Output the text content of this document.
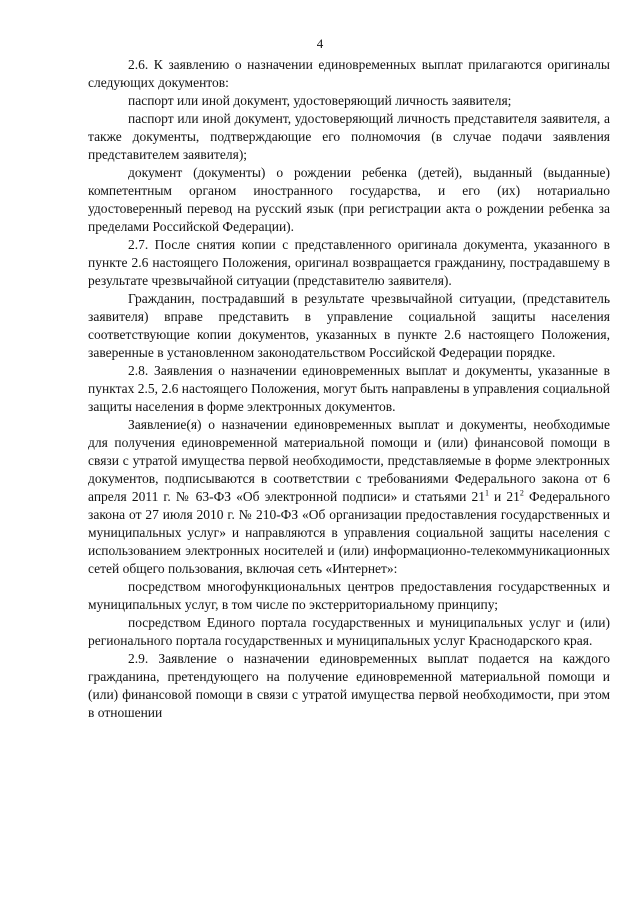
4

2.6. К заявлению о назначении единовременных выплат прилагаются оригиналы следующих документов:

паспорт или иной документ, удостоверяющий личность заявителя;

паспорт или иной документ, удостоверяющий личность представителя заявителя, а также документы, подтверждающие его полномочия (в случае подачи заявления представителем заявителя);

документ (документы) о рождении ребенка (детей), выданный (выданные) компетентным органом иностранного государства, и его (их) нотариально удостоверенный перевод на русский язык (при регистрации акта о рождении ребенка за пределами Российской Федерации).

2.7. После снятия копии с представленного оригинала документа, указанного в пункте 2.6 настоящего Положения, оригинал возвращается гражданину, пострадавшему в результате чрезвычайной ситуации (представителю заявителя).

Гражданин, пострадавший в результате чрезвычайной ситуации, (представитель заявителя) вправе представить в управление социальной защиты населения соответствующие копии документов, указанных в пункте 2.6 настоящего Положения, заверенные в установленном законодательством Российской Федерации порядке.

2.8. Заявления о назначении единовременных выплат и документы, указанные в пунктах 2.5, 2.6 настоящего Положения, могут быть направлены в управления социальной защиты населения в форме электронных документов.

Заявление(я) о назначении единовременных выплат и документы, необходимые для получения единовременной материальной помощи и (или) финансовой помощи в связи с утратой имущества первой необходимости, представляемые в форме электронных документов, подписываются в соответствии с требованиями Федерального закона от 6 апреля 2011 г. № 63-ФЗ «Об электронной подписи» и статьями $21^1$ и $21^2$ Федерального закона от 27 июля 2010 г. № 210-ФЗ «Об организации предоставления государственных и муниципальных услуг» и направляются в управления социальной защиты населения с использованием электронных носителей и (или) информационно-телекоммуникационных сетей общего пользования, включая сеть «Интернет»:

посредством многофункциональных центров предоставления государственных и муниципальных услуг, в том числе по экстерриториальному принципу;

посредством Единого портала государственных и муниципальных услуг и (или) регионального портала государственных и муниципальных услуг Краснодарского края.

2.9. Заявление о назначении единовременных выплат подается на каждого гражданина, претендующего на получение единовременной материальной помощи и (или) финансовой помощи в связи с утратой имущества первой необходимости, при этом в отношении
